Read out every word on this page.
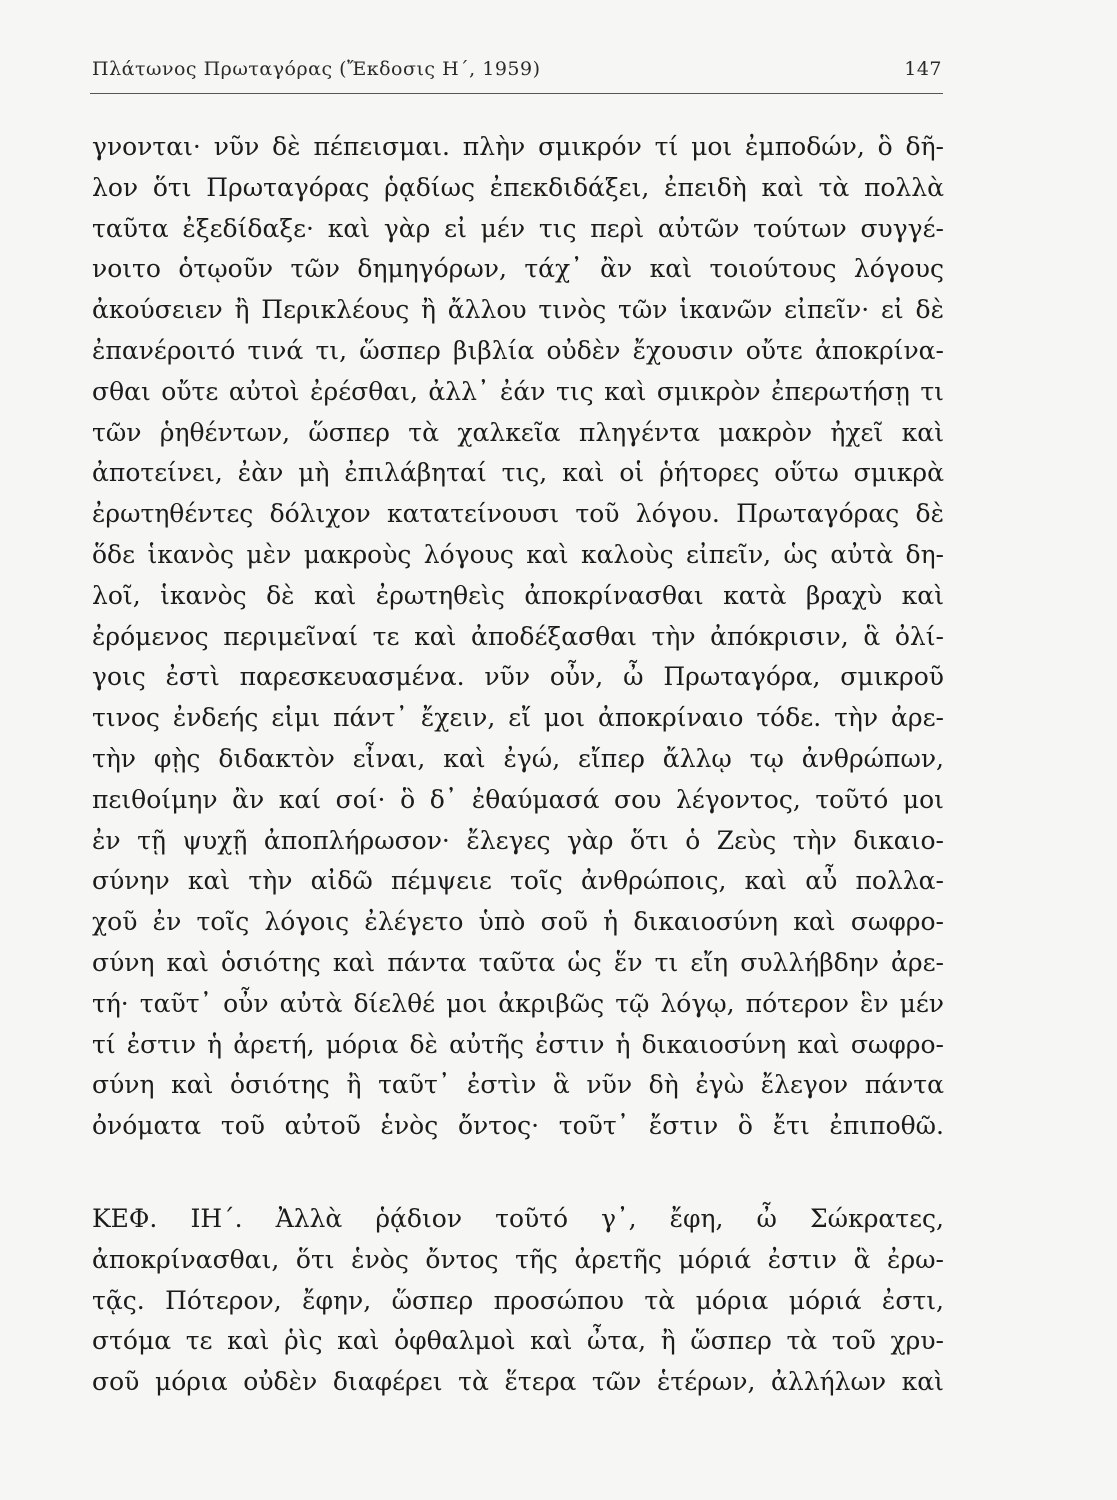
Πλάτωνος Πρωταγόρας (Ἔκδοσις Η΄, 1959)	147
γνονται· νῦν δὲ πέπεισμαι. πλὴν σμικρόν τί μοι ἐμποδών, ὃ δῆ-
λον ὅτι Πρωταγόρας ῥᾳδίως ἐπεκδιδάξει, ἐπειδὴ καὶ τὰ πολλὰ
ταῦτα ἐξεδίδαξε· καὶ γὰρ εἰ μέν τις περὶ αὐτῶν τούτων συγγέ-
νοιτο ὁτῳοῦν τῶν δημηγόρων, τάχ᾽ ἂν καὶ τοιούτους λόγους
ἀκούσειεν ἢ Περικλέους ἢ ἄλλου τινὸς τῶν ἱκανῶν εἰπεῖν· εἰ δὲ
ἐπανέροιτό τινά τι, ὥσπερ βιβλία οὐδὲν ἔχουσιν οὔτε ἀποκρίνα-
σθαι οὔτε αὐτοὶ ἐρέσθαι, ἀλλ᾽ ἐάν τις καὶ σμικρὸν ἐπερωτήσῃ τι
τῶν ῥηθέντων, ὥσπερ τὰ χαλκεῖα πληγέντα μακρὸν ἠχεῖ καὶ
ἀποτείνει, ἐὰν μὴ ἐπιλάβηταί τις, καὶ οἱ ῥήτορες οὕτω σμικρὰ
ἐρωτηθέντες δόλιχον κατατείνουσι τοῦ λόγου. Πρωταγόρας δὲ
ὅδε ἱκανὸς μὲν μακροὺς λόγους καὶ καλοὺς εἰπεῖν, ὡς αὐτὰ δη-
λοῖ, ἱκανὸς δὲ καὶ ἐρωτηθεὶς ἀποκρίνασθαι κατὰ βραχὺ καὶ
ἐρόμενος περιμεῖναί τε καὶ ἀποδέξασθαι τὴν ἀπόκρισιν, ἃ ὀλί-
γοις ἐστὶ παρεσκευασμένα. νῦν οὖν, ὦ Πρωταγόρα, σμικροῦ
τινος ἐνδεής εἰμι πάντ᾽ ἔχειν, εἴ μοι ἀποκρίναιο τόδε. τὴν ἀρε-
τὴν φῂς διδακτὸν εἶναι, καὶ ἐγώ, εἴπερ ἄλλῳ τῳ ἀνθρώπων,
πειθοίμην ἂν καί σοί· ὃ δ᾽ ἐθαύμασά σου λέγοντος, τοῦτό μοι
ἐν τῇ ψυχῇ ἀποπλήρωσον· ἔλεγες γὰρ ὅτι ὁ Ζεὺς τὴν δικαιο-
σύνην καὶ τὴν αἰδῶ πέμψειε τοῖς ἀνθρώποις, καὶ αὖ πολλα-
χοῦ ἐν τοῖς λόγοις ἐλέγετο ὑπὸ σοῦ ἡ δικαιοσύνη καὶ σωφρο-
σύνη καὶ ὁσιότης καὶ πάντα ταῦτα ὡς ἕν τι εἴη συλλήβδην ἀρε-
τή· ταῦτ᾽ οὖν αὐτὰ δίελθέ μοι ἀκριβῶς τῷ λόγῳ, πότερον ἓν μέν
τί ἐστιν ἡ ἀρετή, μόρια δὲ αὐτῆς ἐστιν ἡ δικαιοσύνη καὶ σωφρο-
σύνη καὶ ὁσιότης ἢ ταῦτ᾽ ἐστὶν ἃ νῦν δὴ ἐγὼ ἔλεγον πάντα
ὀνόματα τοῦ αὐτοῦ ἑνὸς ὄντος· τοῦτ᾽ ἔστιν ὃ ἔτι ἐπιποθῶ.
ΚΕΦ. ΙΗ΄. Ἀλλὰ ῥᾴδιον τοῦτό γ᾽, ἔφη, ὦ Σώκρατες,
ἀποκρίνασθαι, ὅτι ἑνὸς ὄντος τῆς ἀρετῆς μόριά ἐστιν ἃ ἐρω-
τᾷς. Πότερον, ἔφην, ὥσπερ προσώπου τὰ μόρια μόριά ἐστι,
στόμα τε καὶ ῥὶς καὶ ὀφθαλμοὶ καὶ ὦτα, ἢ ὥσπερ τὰ τοῦ χρυ-
σοῦ μόρια οὐδὲν διαφέρει τὰ ἕτερα τῶν ἑτέρων, ἀλλήλων καὶ
